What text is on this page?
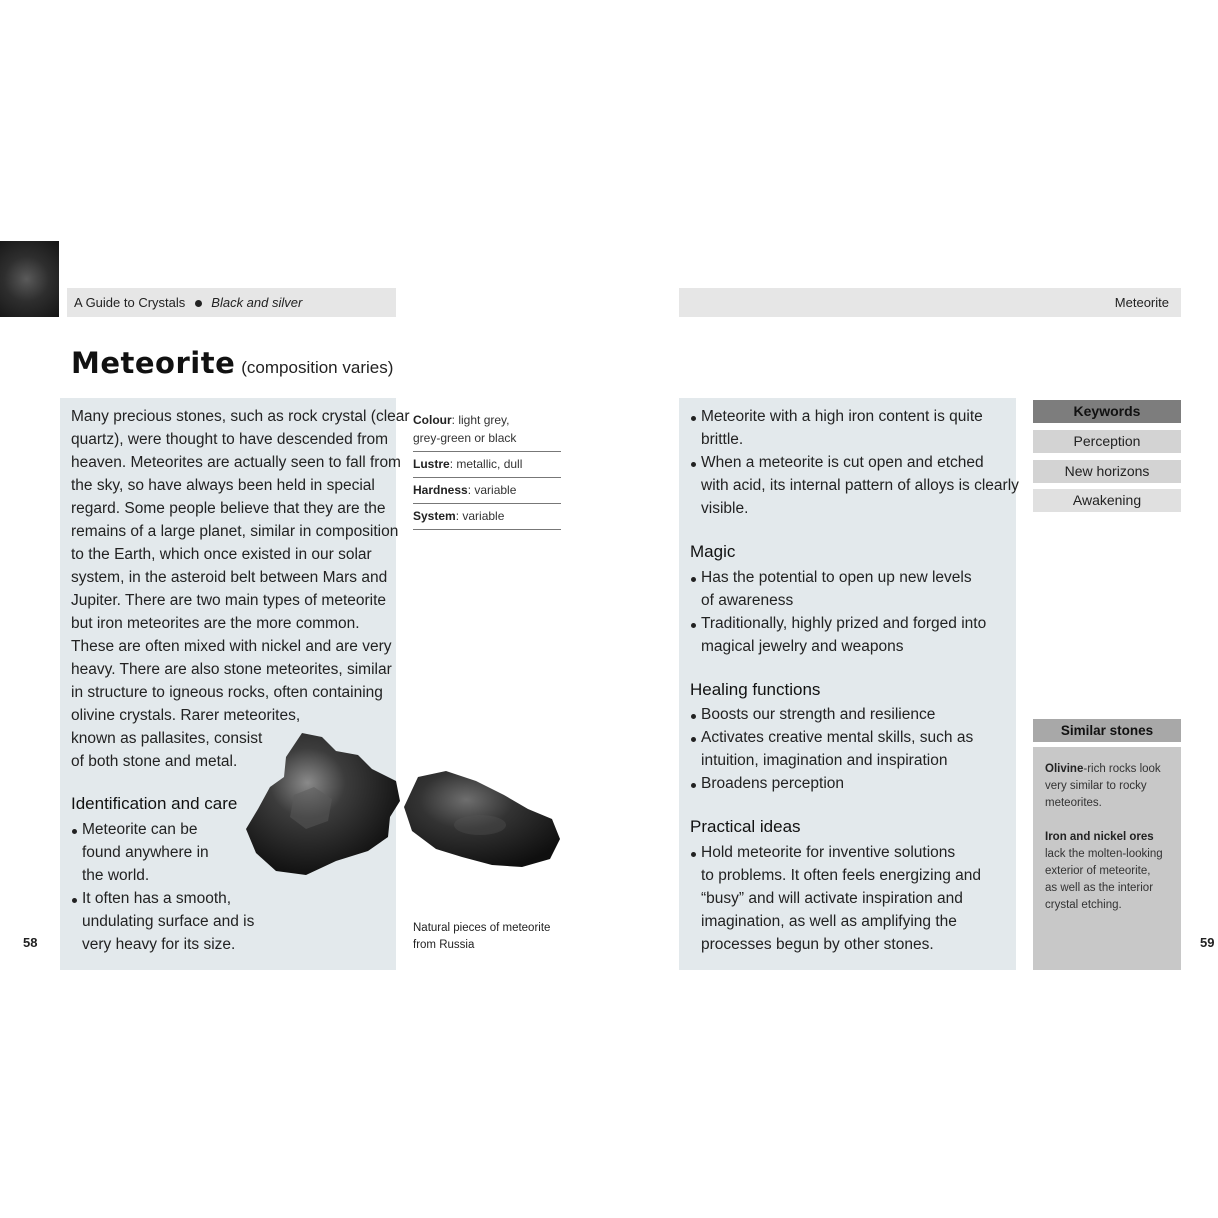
A Guide to Crystals Black and silver	Meteorite
Meteorite (composition varies)
Many precious stones, such as rock crystal (clear
quartz), were thought to have descended from
heaven. Meteorites are actually seen to fall from
the sky, so have always been held in special
regard. Some people believe that they are the
remains of a large planet, similar in composition
to the Earth, which once existed in our solar
system, in the asteroid belt between Mars and
Jupiter. There are two main types of meteorite
but iron meteorites are the more common.
These are often mixed with nickel and are very
heavy. There are also stone meteorites, similar
in structure to igneous rocks, often containing
olivine crystals. Rarer meteorites,
known as pallasites, consist
of both stone and metal.
Identification and care
Meteorite can be
found anywhere in
the world.
It often has a smooth,
undulating surface and is
very heavy for its size.
Colour: light grey,
grey-green or black
Lustre: metallic, dull
Hardness: variable
System: variable
Natural pieces of meteorite
from Russia
58	59
Meteorite with a high iron content is quite
brittle.
When a meteorite is cut open and etched
with acid, its internal pattern of alloys is clearly
visible.
Magic
Has the potential to open up new levels
of awareness
Traditionally, highly prized and forged into
magical jewelry and weapons
Healing functions
Boosts our strength and resilience
Activates creative mental skills, such as
intuition, imagination and inspiration
Broadens perception
Practical ideas
Hold meteorite for inventive solutions
to problems. It often feels energizing and
“busy” and will activate inspiration and
imagination, as well as amplifying the
processes begun by other stones.
Keywords
Perception
New horizons
Awakening
Similar stones

Olivine-rich rocks look
very similar to rocky
meteorites.

Iron and nickel ores
lack the molten-looking
exterior of meteorite,
as well as the interior
crystal etching.
